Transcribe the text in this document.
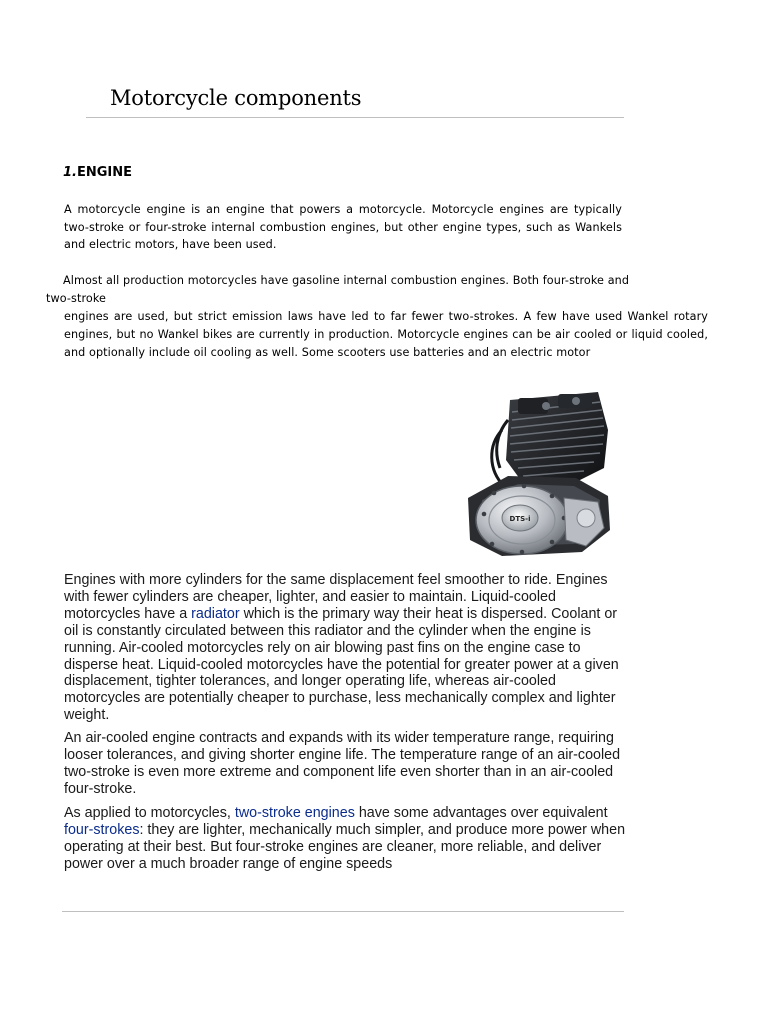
Motorcycle components
1.ENGINE

A motorcycle engine is an engine that powers a motorcycle. Motorcycle engines are typically two-stroke or four-stroke internal combustion engines, but other engine types, such as Wankels and electric motors, have been used.

Almost all production motorcycles have gasoline internal combustion engines. Both four-stroke and
two-stroke

engines are used, but strict emission laws have led to far fewer two-strokes. A few have used Wankel rotary engines, but no Wankel bikes are currently in production. Motorcycle engines can be air cooled or liquid cooled, and optionally include oil cooling as well. Some scooters use batteries and an electric motor

DTS-i

Engines with more cylinders for the same displacement feel smoother to ride. Engines with fewer cylinders are cheaper, lighter, and easier to maintain. Liquid-cooled motorcycles have a radiator which is the primary way their heat is dispersed. Coolant or oil is constantly circulated between this radiator and the cylinder when the engine is running. Air-cooled motorcycles rely on air blowing past fins on the engine case to disperse heat. Liquid-cooled motorcycles have the potential for greater power at a given displacement, tighter tolerances, and longer operating life, whereas air-cooled motorcycles are potentially cheaper to purchase, less mechanically complex and lighter weight.

An air-cooled engine contracts and expands with its wider temperature range, requiring looser tolerances, and giving shorter engine life. The temperature range of an air-cooled two-stroke is even more extreme and component life even shorter than in an air-cooled four-stroke.

As applied to motorcycles, two-stroke engines have some advantages over equivalent four-strokes: they are lighter, mechanically much simpler, and produce more power when operating at their best. But four-stroke engines are cleaner, more reliable, and deliver power over a much broader range of engine speeds
